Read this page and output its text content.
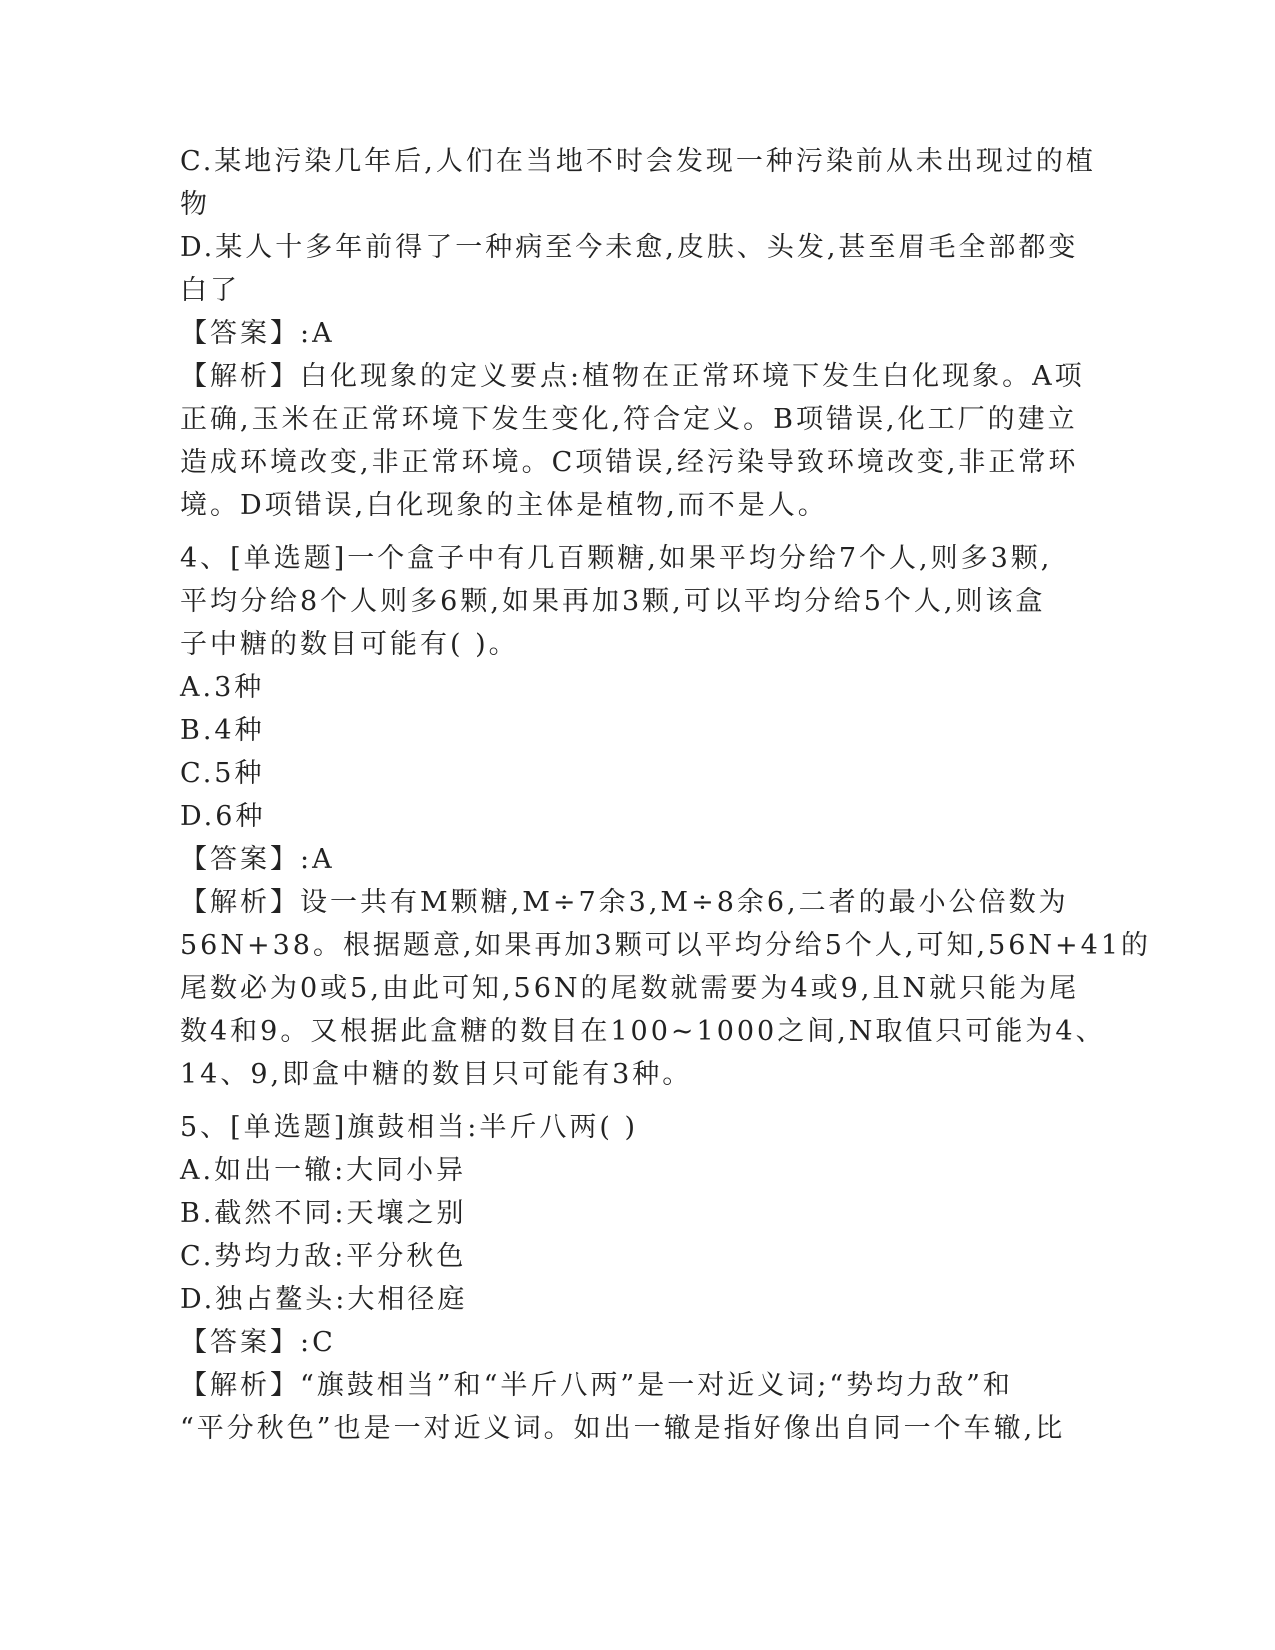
C.某地污染几年后,人们在当地不时会发现一种污染前从未出现过的植
物
D.某人十多年前得了一种病至今未愈,皮肤、头发,甚至眉毛全部都变
白了
【答案】:A
【解析】白化现象的定义要点:植物在正常环境下发生白化现象。A项
正确,玉米在正常环境下发生变化,符合定义。B项错误,化工厂的建立
造成环境改变,非正常环境。C项错误,经污染导致环境改变,非正常环
境。D项错误,白化现象的主体是植物,而不是人。
4、[单选题]一个盒子中有几百颗糖,如果平均分给7个人,则多3颗,
平均分给8个人则多6颗,如果再加3颗,可以平均分给5个人,则该盒
子中糖的数目可能有( )。
A.3种
B.4种
C.5种
D.6种
【答案】:A
【解析】设一共有M颗糖,M÷7余3,M÷8余6,二者的最小公倍数为
56N+38。根据题意,如果再加3颗可以平均分给5个人,可知,56N+41的
尾数必为0或5,由此可知,56N的尾数就需要为4或9,且N就只能为尾
数4和9。又根据此盒糖的数目在100~1000之间,N取值只可能为4、
14、9,即盒中糖的数目只可能有3种。
5、[单选题]旗鼓相当:半斤八两( )
A.如出一辙:大同小异
B.截然不同:天壤之别
C.势均力敌:平分秋色
D.独占鳌头:大相径庭
【答案】:C
【解析】“旗鼓相当”和“半斤八两”是一对近义词;“势均力敌”和
“平分秋色”也是一对近义词。如出一辙是指好像出自同一个车辙,比
